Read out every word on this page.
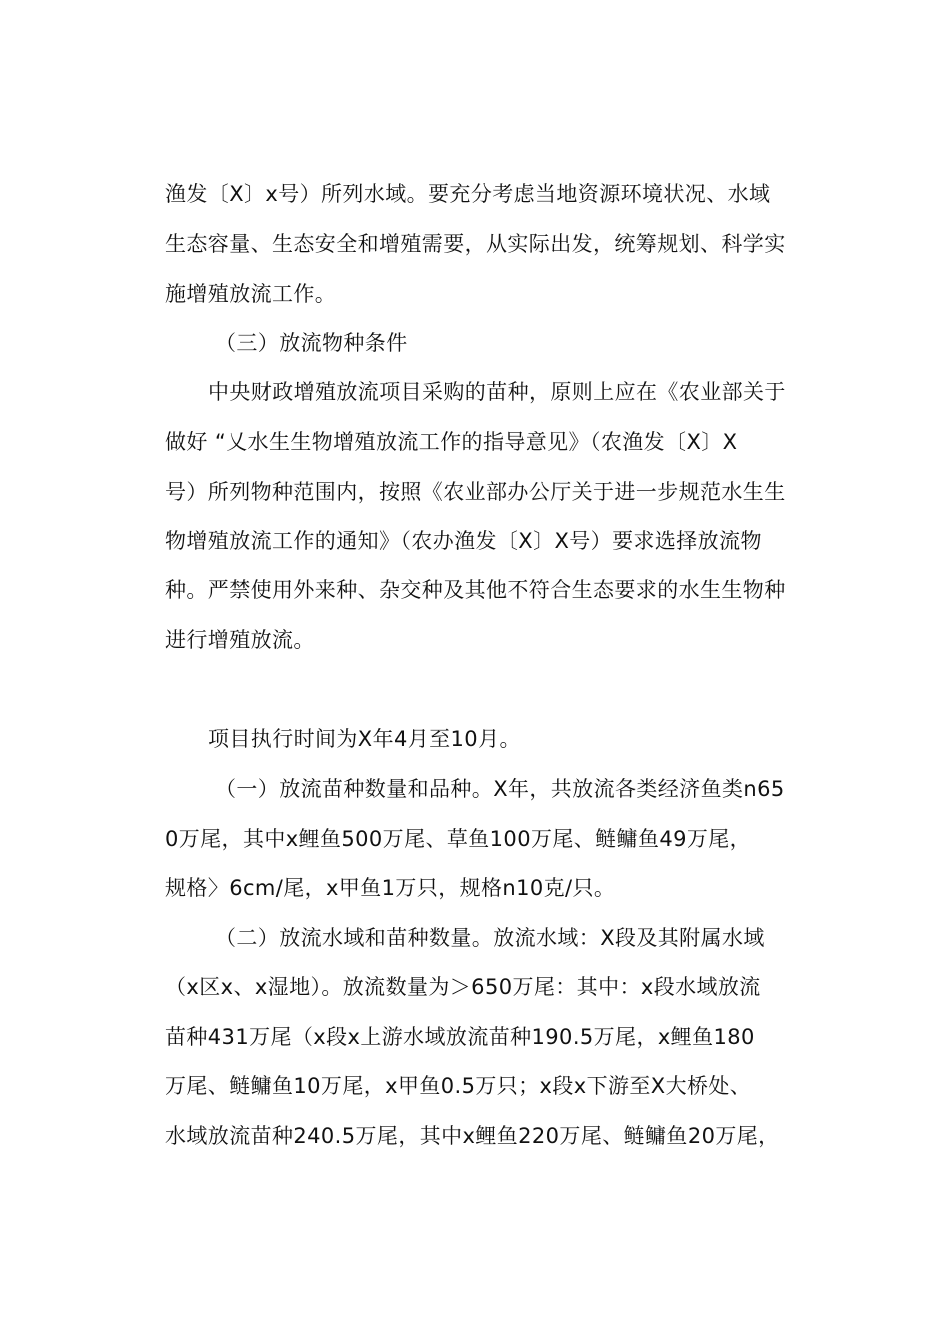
渔发〔X〕x号）所列水域。要充分考虑当地资源环境状况、水域
生态容量、生态安全和增殖需要，从实际出发，统筹规划、科学实
施增殖放流工作。
（三）放流物种条件
中央财政增殖放流项目采购的苗种，原则上应在《农业部关于
做好 “乂水生生物增殖放流工作的指导意见》（农渔发〔X〕X
号）所列物种范围内，按照《农业部办公厅关于进一步规范水生生
物增殖放流工作的通知》（农办渔发〔X〕X号）要求选择放流物
种。严禁使用外来种、杂交种及其他不符合生态要求的水生生物种
进行增殖放流。
项目执行时间为X年4月至10月。
（一）放流苗种数量和品种。X年，共放流各类经济鱼类n65
0万尾，其中x鲤鱼500万尾、草鱼100万尾、鲢鳙鱼49万尾，
规格〉6cm/尾，x甲鱼1万只，规格n10克/只。
（二）放流水域和苗种数量。放流水域：X段及其附属水域
（x区x、x湿地）。放流数量为＞650万尾：其中：x段水域放流
苗种431万尾（x段x上游水域放流苗种190.5万尾，x鲤鱼180
万尾、鲢鳙鱼10万尾，x甲鱼0.5万只；x段x下游至X大桥处、
水域放流苗种240.5万尾，其中x鲤鱼220万尾、鲢鳙鱼20万尾，
